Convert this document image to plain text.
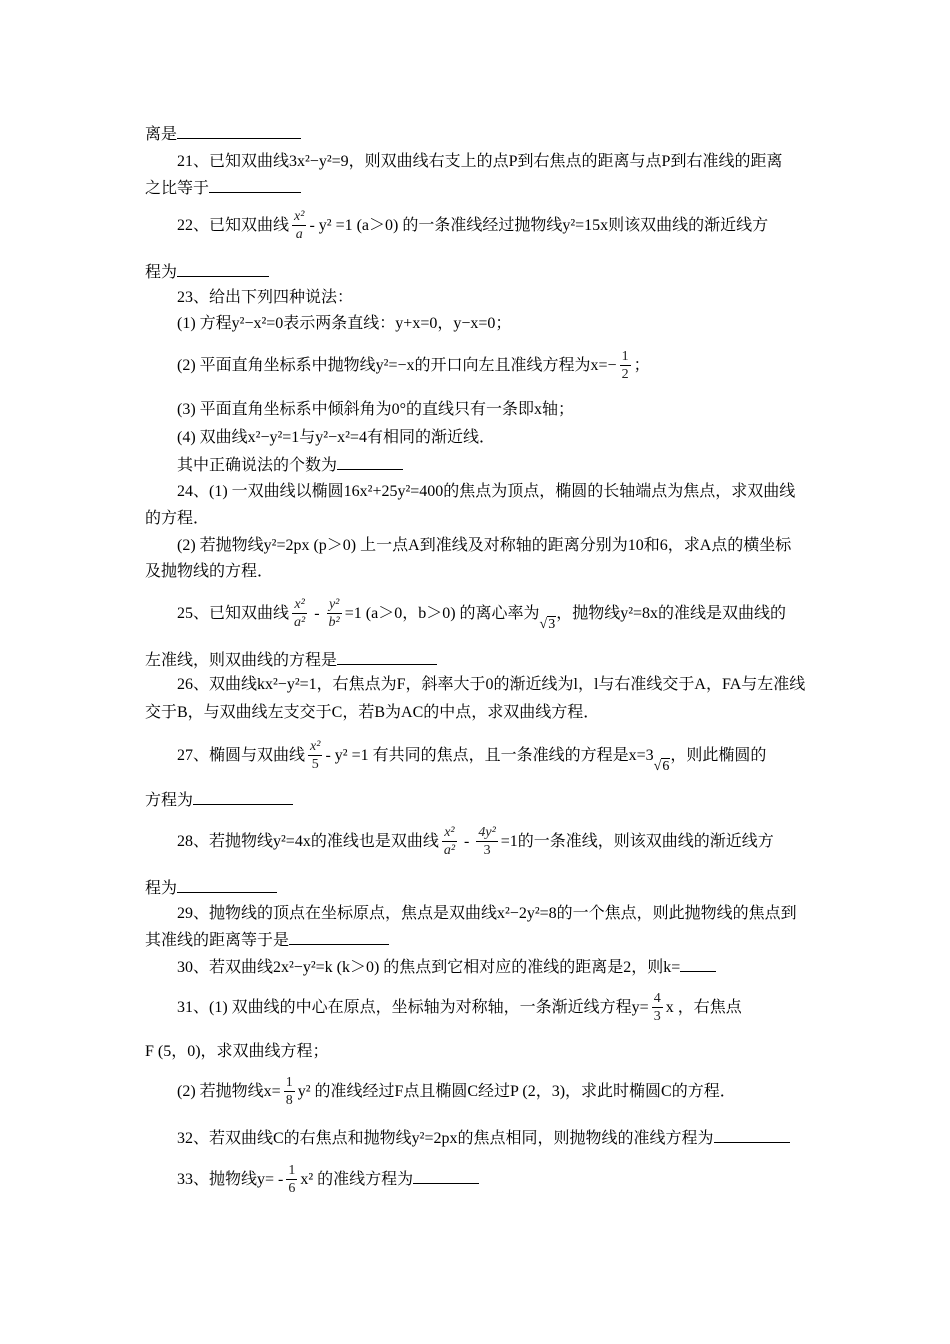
离是
21、已知双曲线3x²−y²=9，则双曲线右支上的点P到右焦点的距离与点P到右准线的距离
之比等于
22、已知双曲线 $\frac{\text{x²}}{a} - y^2 =1$ (a＞0) 的一条准线经过抛物线y²=15x则该双曲线的渐近线方
程为
23、给出下列四种说法：
(1) 方程y²−x²=0表示两条直线：y+x=0，y−x=0；
(2) 平面直角坐标系中抛物线y²=−x的开口向左且准线方程为$x=- \frac{1}{2}$ ；
(3) 平面直角坐标系中倾斜角为0°的直线只有一条即x轴；
(4) 双曲线x²−y²=1与y²−x²=4有相同的渐近线．
其中正确说法的个数为
24、(1) 一双曲线以椭圆16x²+25y²=400的焦点为顶点，椭圆的长轴端点为焦点，求双曲线
的方程．
(2) 若抛物线y²=2px (p＞0) 上一点A到准线及对称轴的距离分别为10和6，求A点的横坐标
及抛物线的方程．
25、已知双曲线 $\frac{\text{x²}}{\text{a²}} - \frac{\text{y²}}{\text{b²}} =1$ (a＞0，b＞0) 的离心率为√3，抛物线y²=8x的准线是双曲线的
左准线，则双曲线的方程是
26、双曲线kx²−y²=1，右焦点为F，斜率大于0的渐近线为l，l与右准线交于A，FA与左准线
交于B，与双曲线左支交于C，若B为AC的中点，求双曲线方程．
27、椭圆与双曲线 $\frac{\text{x²}}{5} - y^2 =1$ 有共同的焦点，且一条准线的方程是x=3√6，则此椭圆的
方程为
28、若抛物线y²=4x的准线也是双曲线 $\frac{\text{x²}}{\text{a²}} - \frac{\text{4y²}}{3} =1$的一条准线，则该双曲线的渐近线方
程为
29、抛物线的顶点在坐标原点，焦点是双曲线x²−2y²=8的一个焦点，则此抛物线的焦点到
其准线的距离等于是
30、若双曲线2x²−y²=k (k＞0) 的焦点到它相对应的准线的距离是2，则k=
31、(1) 双曲线的中心在原点，坐标轴为对称轴，一条渐近线方程$y= \frac{4}{3}$ x ，右焦点
F (5，0)，求双曲线方程；
(2) 若抛物线$x= \frac{1}{8} y^2$ 的准线经过F点且椭圆C经过P (2，3)，求此时椭圆C的方程．
32、若双曲线C的右焦点和抛物线y²=2px的焦点相同，则抛物线的准线方程为
33、抛物线$y= - \frac{1}{6} x^2$ 的准线方程为
